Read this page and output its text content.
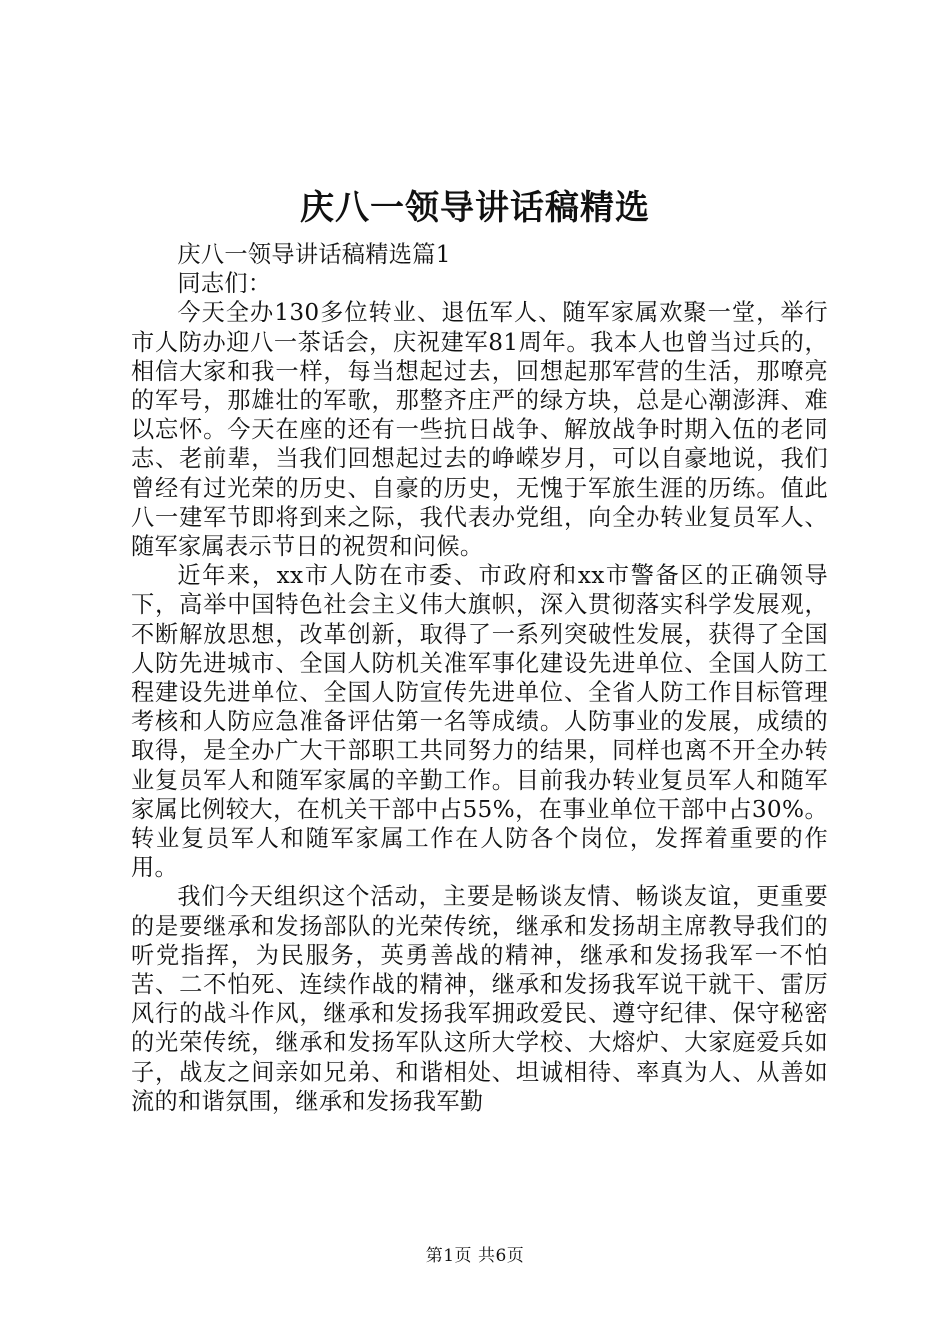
庆八一领导讲话稿精选

庆八一领导讲话稿精选篇1

同志们：

今天全办130多位转业、退伍军人、随军家属欢聚一堂，举行市人防办迎八一茶话会，庆祝建军81周年。我本人也曾当过兵的，相信大家和我一样，每当想起过去，回想起那军营的生活，那嘹亮的军号，那雄壮的军歌，那整齐庄严的绿方块，总是心潮澎湃、难以忘怀。今天在座的还有一些抗日战争、解放战争时期入伍的老同志、老前辈，当我们回想起过去的峥嵘岁月，可以自豪地说，我们曾经有过光荣的历史、自豪的历史，无愧于军旅生涯的历练。值此八一建军节即将到来之际，我代表办党组，向全办转业复员军人、随军家属表示节日的祝贺和问候。

近年来，xx市人防在市委、市政府和xx市警备区的正确领导下，高举中国特色社会主义伟大旗帜，深入贯彻落实科学发展观，不断解放思想，改革创新，取得了一系列突破性发展，获得了全国人防先进城市、全国人防机关准军事化建设先进单位、全国人防工程建设先进单位、全国人防宣传先进单位、全省人防工作目标管理考核和人防应急准备评估第一名等成绩。人防事业的发展，成绩的取得，是全办广大干部职工共同努力的结果，同样也离不开全办转业复员军人和随军家属的辛勤工作。目前我办转业复员军人和随军家属比例较大，在机关干部中占55%，在事业单位干部中占30%。转业复员军人和随军家属工作在人防各个岗位，发挥着重要的作用。

我们今天组织这个活动，主要是畅谈友情、畅谈友谊，更重要的是要继承和发扬部队的光荣传统，继承和发扬胡主席教导我们的听党指挥，为民服务，英勇善战的精神，继承和发扬我军一不怕苦、二不怕死、连续作战的精神，继承和发扬我军说干就干、雷厉风行的战斗作风，继承和发扬我军拥政爱民、遵守纪律、保守秘密的光荣传统，继承和发扬军队这所大学校、大熔炉、大家庭爱兵如子，战友之间亲如兄弟、和谐相处、坦诚相待、率真为人、从善如流的和谐氛围，继承和发扬我军勤

第1页 共6页
